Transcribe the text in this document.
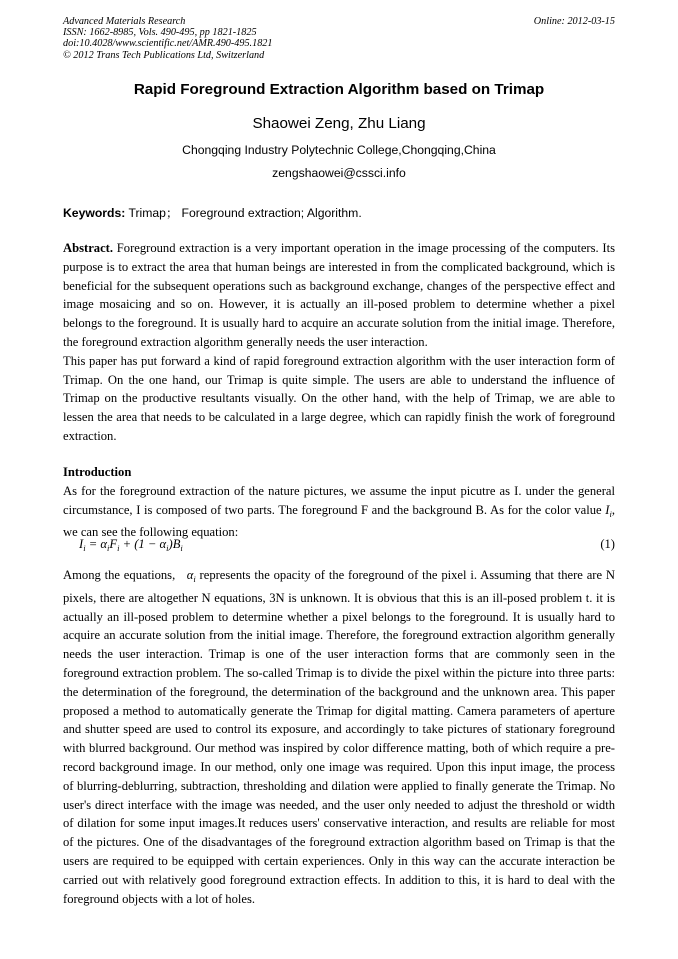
Advanced Materials Research
ISSN: 1662-8985, Vols. 490-495, pp 1821-1825
doi:10.4028/www.scientific.net/AMR.490-495.1821
© 2012 Trans Tech Publications Ltd, Switzerland
Online: 2012-03-15
Rapid Foreground Extraction Algorithm based on Trimap
Shaowei Zeng, Zhu Liang
Chongqing Industry Polytechnic College,Chongqing,China
zengshaowei@cssci.info
Keywords: Trimap； Foreground extraction; Algorithm.

Abstract. Foreground extraction is a very important operation in the image processing of the computers. Its purpose is to extract the area that human beings are interested in from the complicated background, which is beneficial for the subsequent operations such as background exchange, changes of the perspective effect and image mosaicing and so on. However, it is actually an ill-posed problem to determine whether a pixel belongs to the foreground. It is usually hard to acquire an accurate solution from the initial image. Therefore, the foreground extraction algorithm generally needs the user interaction.

This paper has put forward a kind of rapid foreground extraction algorithm with the user interaction form of Trimap. On the one hand, our Trimap is quite simple. The users are able to understand the influence of Trimap on the productive resultants visually. On the other hand, with the help of Trimap, we are able to lessen the area that needs to be calculated in a large degree, which can rapidly finish the work of foreground extraction.

Introduction

As for the foreground extraction of the nature pictures, we assume the input picutre as I. under the general circumstance, I is composed of two parts. The foreground F and the background B. As for the color value $I_i$, we can see the following equation:

$I_i = \alpha_iF_i + (1 - \alpha_i)B_i$	(1)

Among the equations, $\alpha_i$ represents the opacity of the foreground of the pixel i. Assuming that there are N pixels, there are altogether N equations, 3N is unknown. It is obvious that this is an ill-posed problem t. it is actually an ill-posed problem to determine whether a pixel belongs to the foreground. It is usually hard to acquire an accurate solution from the initial image. Therefore, the foreground extraction algorithm generally needs the user interaction. Trimap is one of the user interaction forms that are commonly seen in the foreground extraction problem. The so-called Trimap is to divide the pixel within the picture into three parts: the determination of the foreground, the determination of the background and the unknown area. This paper proposed a method to automatically generate the Trimap for digital matting. Camera parameters of aperture and shutter speed are used to control its exposure, and accordingly to take pictures of stationary foreground with blurred background. Our method was inspired by color difference matting, both of which require a pre-record background image. In our method, only one image was required. Upon this input image, the process of blurring-deblurring, subtraction, thresholding and dilation were applied to finally generate the Trimap. No user's direct interface with the image was needed, and the user only needed to adjust the threshold or width of dilation for some input images.It reduces users' conservative interaction, and results are reliable for most of the pictures. One of the disadvantages of the foreground extraction algorithm based on Trimap is that the users are required to be equipped with certain experiences. Only in this way can the accurate interaction be carried out with relatively good foreground extraction effects. In addition to this, it is hard to deal with the foreground objects with a lot of holes.
